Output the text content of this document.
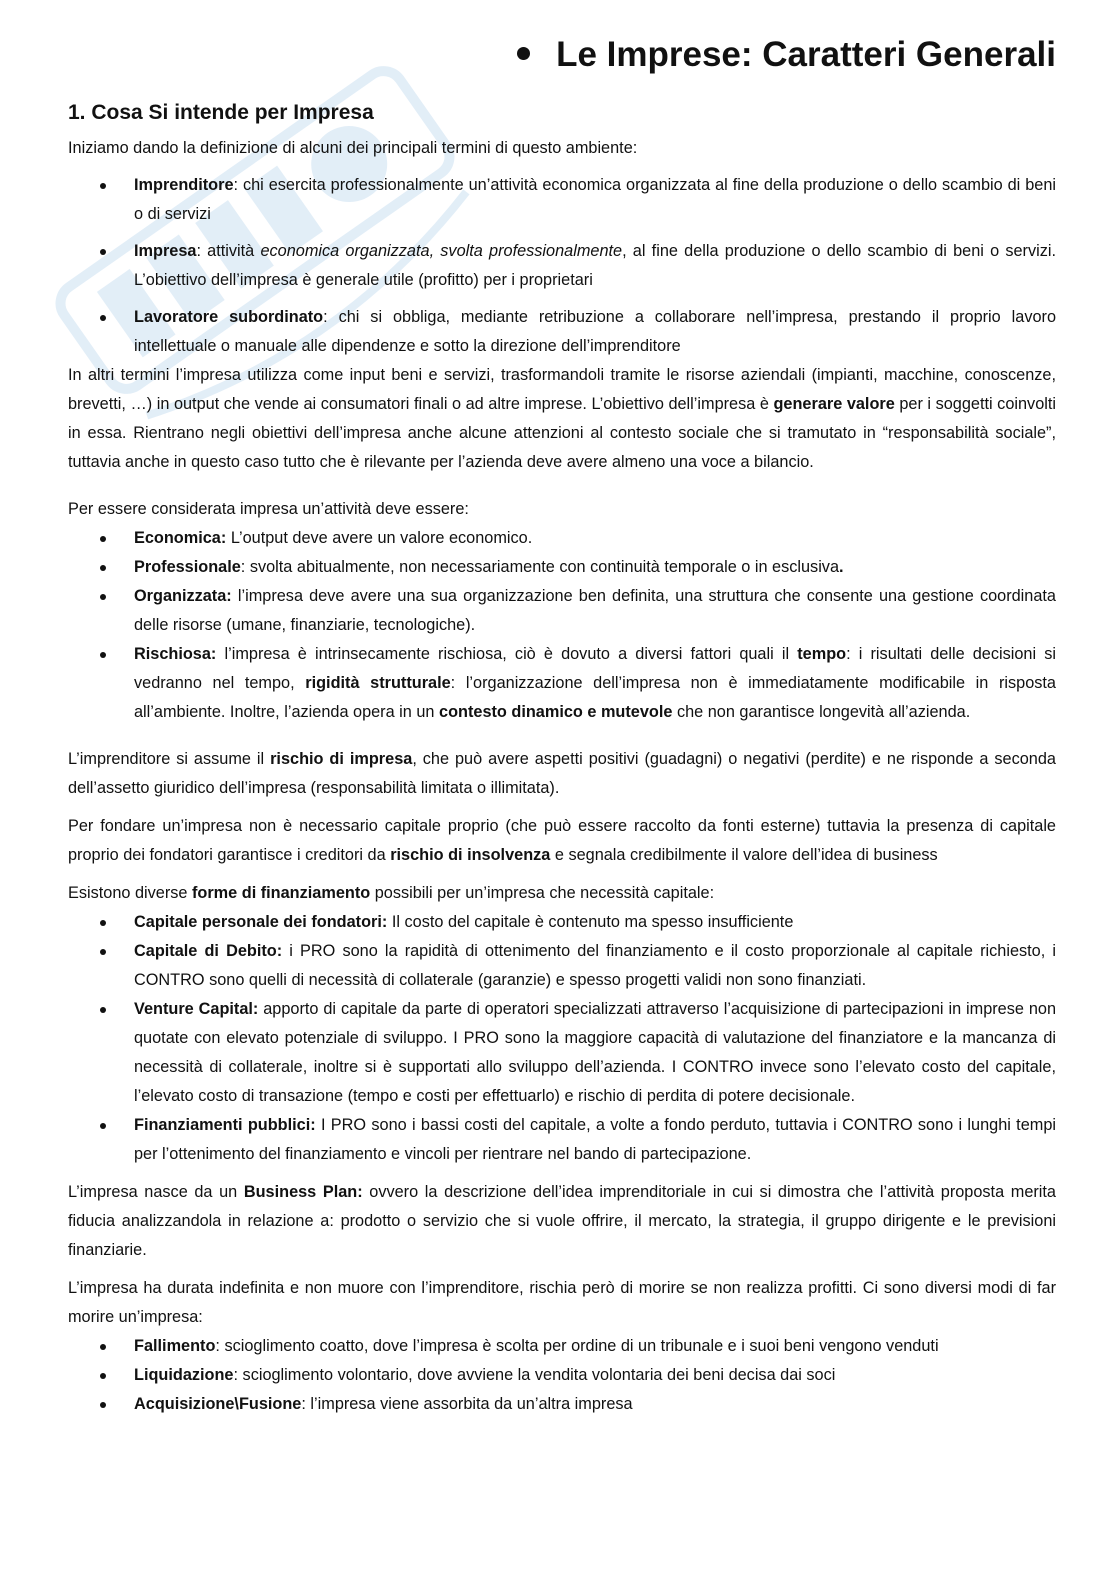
Le Imprese: Caratteri Generali
1. Cosa Si intende per Impresa

Iniziamo dando la definizione di alcuni dei principali termini di questo ambiente:

Imprenditore: chi esercita professionalmente un’attività economica organizzata al fine della produzione o dello scambio di beni o di servizi
Impresa: attività economica organizzata, svolta professionalmente, al fine della produzione o dello scambio di beni o servizi. L’obiettivo dell’impresa è generale utile (profitto) per i proprietari
Lavoratore subordinato: chi si obbliga, mediante retribuzione a collaborare nell’impresa, prestando il proprio lavoro intellettuale o manuale alle dipendenze e sotto la direzione dell’imprenditore

In altri termini l’impresa utilizza come input beni e servizi, trasformandoli tramite le risorse aziendali (impianti, macchine, conoscenze, brevetti, …) in output che vende ai consumatori finali o ad altre imprese. L’obiettivo dell’impresa è generare valore per i soggetti coinvolti in essa. Rientrano negli obiettivi dell’impresa anche alcune attenzioni al contesto sociale che si tramutato in “responsabilità sociale”, tuttavia anche in questo caso tutto che è rilevante per l’azienda deve avere almeno una voce a bilancio.

Per essere considerata impresa un’attività deve essere:

Economica: L’output deve avere un valore economico.
Professionale: svolta abitualmente, non necessariamente con continuità temporale o in esclusiva.
Organizzata: l’impresa deve avere una sua organizzazione ben definita, una struttura che consente una gestione coordinata delle risorse (umane, finanziarie, tecnologiche).
Rischiosa: l’impresa è intrinsecamente rischiosa, ciò è dovuto a diversi fattori quali il tempo: i risultati delle decisioni si vedranno nel tempo, rigidità strutturale: l’organizzazione dell’impresa non è immediatamente modificabile in risposta all’ambiente. Inoltre, l’azienda opera in un contesto dinamico e mutevole che non garantisce longevità all’azienda.

L’imprenditore si assume il rischio di impresa, che può avere aspetti positivi (guadagni) o negativi (perdite) e ne risponde a seconda dell’assetto giuridico dell’impresa (responsabilità limitata o illimitata).

Per fondare un’impresa non è necessario capitale proprio (che può essere raccolto da fonti esterne) tuttavia la presenza di capitale proprio dei fondatori garantisce i creditori da rischio di insolvenza e segnala credibilmente il valore dell’idea di business

Esistono diverse forme di finanziamento possibili per un’impresa che necessità capitale:

Capitale personale dei fondatori: Il costo del capitale è contenuto ma spesso insufficiente
Capitale di Debito: i PRO sono la rapidità di ottenimento del finanziamento e il costo proporzionale al capitale richiesto, i CONTRO sono quelli di necessità di collaterale (garanzie) e spesso progetti validi non sono finanziati.
Venture Capital: apporto di capitale da parte di operatori specializzati attraverso l’acquisizione di partecipazioni in imprese non quotate con elevato potenziale di sviluppo. I PRO sono la maggiore capacità di valutazione del finanziatore e la mancanza di necessità di collaterale, inoltre si è supportati allo sviluppo dell’azienda. I CONTRO invece sono l’elevato costo del capitale, l’elevato costo di transazione (tempo e costi per effettuarlo) e rischio di perdita di potere decisionale.
Finanziamenti pubblici: I PRO sono i bassi costi del capitale, a volte a fondo perduto, tuttavia i CONTRO sono i lunghi tempi per l’ottenimento del finanziamento e vincoli per rientrare nel bando di partecipazione.

L’impresa nasce da un Business Plan: ovvero la descrizione dell’idea imprenditoriale in cui si dimostra che l’attività proposta merita fiducia analizzandola in relazione a: prodotto o servizio che si vuole offrire, il mercato, la strategia, il gruppo dirigente e le previsioni finanziarie.

L’impresa ha durata indefinita e non muore con l’imprenditore, rischia però di morire se non realizza profitti. Ci sono diversi modi di far morire un’impresa:

Fallimento: scioglimento coatto, dove l’impresa è scolta per ordine di un tribunale e i suoi beni vengono venduti
Liquidazione: scioglimento volontario, dove avviene la vendita volontaria dei beni decisa dai soci
Acquisizione\Fusione: l’impresa viene assorbita da un’altra impresa
